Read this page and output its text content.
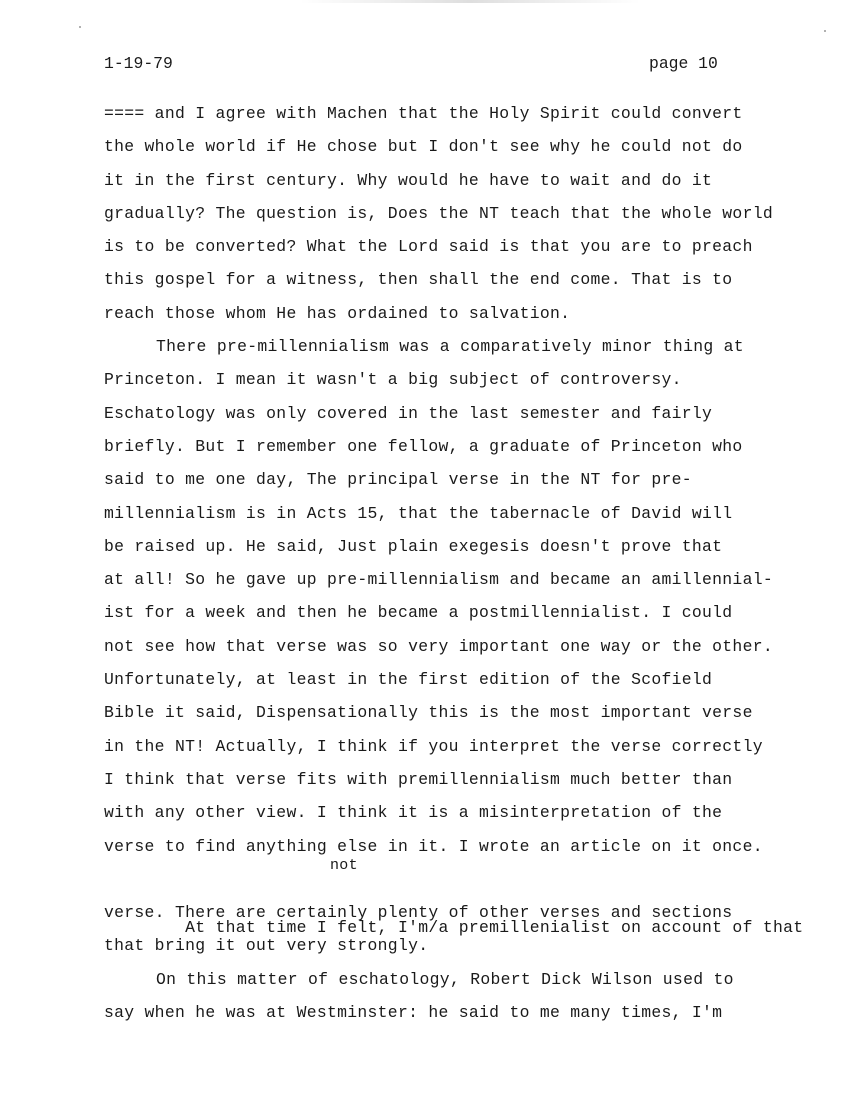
1-19-79	page 10
==== and I agree with Machen that the Holy Spirit could convert
the whole world if He chose but I don't see why he could not do
it in the first century. Why would he have to wait and do it
gradually? The question is, Does the NT teach that the whole world
is to be converted? What the Lord said is that you are to preach
this gospel for a witness, then shall the end come. That is to
reach those whom He has ordained to salvation.
There pre-millennialism was a comparatively minor thing at
Princeton. I mean it wasn't a big subject of controversy.
Eschatology was only covered in the last semester and fairly
briefly. But I remember one fellow, a graduate of Princeton who
said to me one day, The principal verse in the NT for pre-
millennialism is in Acts 15, that the tabernacle of David will
be raised up. He said, Just plain exegesis doesn't prove that
at all! So he gave up pre-millennialism and became an amillennial-
ist for a week and then he became a postmillennialist. I could
not see how that verse was so very important one way or the other.
Unfortunately, at least in the first edition of the Scofield
Bible it said, Dispensationally this is the most important verse
in the NT! Actually, I think if you interpret the verse correctly
I think that verse fits with premillennialism much better than
with any other view. I think it is a misinterpretation of the
verse to find anything else in it. I wrote an article on it once.

not

At that time I felt, I'm/a premillenialist on account of that

verse. There are certainly plenty of other verses and sections
that bring it out very strongly.
On this matter of eschatology, Robert Dick Wilson used to
say when he was at Westminster: he said to me many times, I'm
